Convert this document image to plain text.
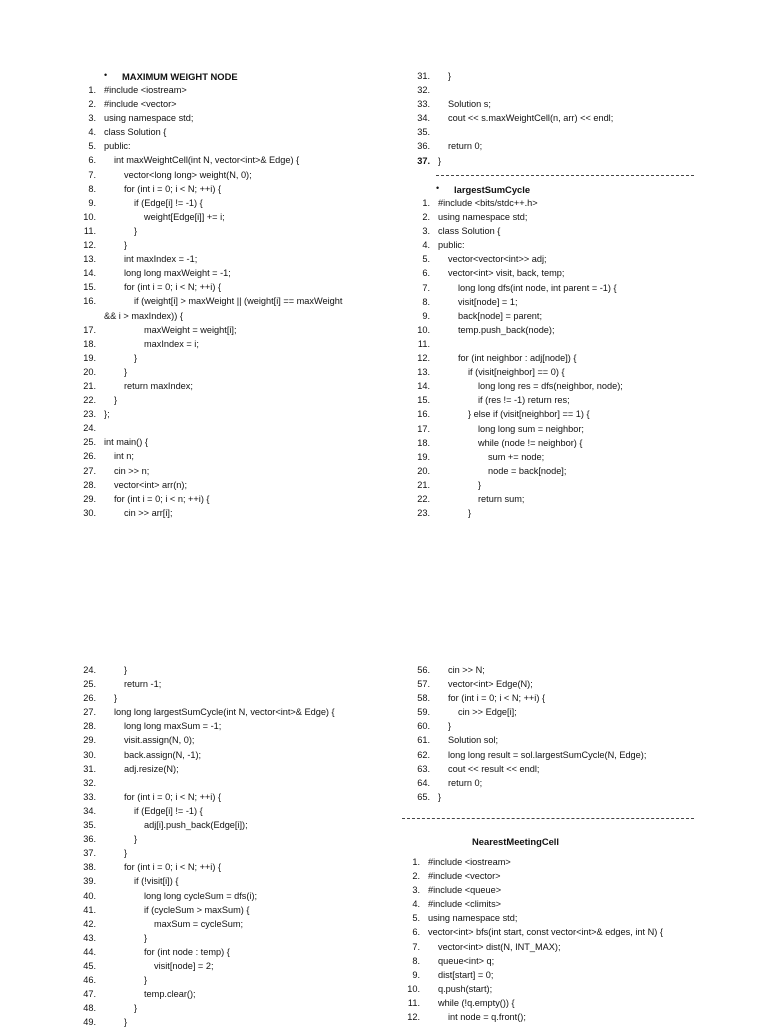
• MAXIMUM WEIGHT NODE
1. #include <iostream>
2. #include <vector>
3. using namespace std;
4. class Solution {
5. public:
6. int maxWeightCell(int N, vector<int>& Edge) {
7.	vector<long long> weight(N, 0);
8.	for (int i = 0; i < N; ++i) {
9.	if (Edge[i] != -1) {
10.	weight[Edge[i]] += i;
11.	}
12.	}
13.	int maxIndex = -1;
14.	long long maxWeight = -1;
15.	for (int i = 0; i < N; ++i) {
16.	if (weight[i] > maxWeight || (weight[i] == maxWeight
&& i > maxIndex)) {
17.	maxWeight = weight[i];
18.	maxIndex = i;
19.	}
20.	}
21.	return maxIndex;
22. }
23. };
24.
25. int main() {
26. int n;
27. cin >> n;
28. vector<int> arr(n);
29. for (int i = 0; i < n; ++i) {
30.	cin >> arr[i];
31. }
32.
33. Solution s;
34. cout << s.maxWeightCell(n, arr) << endl;
35.
36. return 0;
37. }
• largestSumCycle
1. #include <bits/stdc++.h>
2. using namespace std;
3. class Solution {
4. public:
5. vector<vector<int>> adj;
6. vector<int> visit, back, temp;
7.	long long dfs(int node, int parent = -1) {
8.	visit[node] = 1;
9.	back[node] = parent;
10.	temp.push_back(node);
11.
12.	for (int neighbor : adj[node]) {
13.	if (visit[neighbor] == 0) {
14.	long long res = dfs(neighbor, node);
15.	if (res != -1) return res;
16.	} else if (visit[neighbor] == 1) {
17.	long long sum = neighbor;
18.	while (node != neighbor) {
19.	sum += node;
20.	node = back[node];
21.	}
22.	return sum;
23.	}
24.	}
25.	return -1;
26. }
27. long long largestSumCycle(int N, vector<int>& Edge) {
28.	long long maxSum = -1;
29.	visit.assign(N, 0);
30.	back.assign(N, -1);
31.	adj.resize(N);
32.
33.	for (int i = 0; i < N; ++i) {
34.	if (Edge[i] != -1) {
35.	adj[i].push_back(Edge[i]);
36.	}
37.	}
38.	for (int i = 0; i < N; ++i) {
39.	if (!visit[i]) {
40.	long long cycleSum = dfs(i);
41.	if (cycleSum > maxSum) {
42.	maxSum = cycleSum;
43.	}
44.	for (int node : temp) {
45.	visit[node] = 2;
46.	}
47.	temp.clear();
48.	}
49.	}
56. cin >> N;
57. vector<int> Edge(N);
58. for (int i = 0; i < N; ++i) {
59.	cin >> Edge[i];
60. }
61. Solution sol;
62. long long result = sol.largestSumCycle(N, Edge);
63. cout << result << endl;
64. return 0;
65. }
NearestMeetingCell
1. #include <iostream>
2. #include <vector>
3. #include <queue>
4. #include <climits>
5. using namespace std;
6. vector<int> bfs(int start, const vector<int>& edges, int N) {
7. vector<int> dist(N, INT_MAX);
8. queue<int> q;
9. dist[start] = 0;
10. q.push(start);
11. while (!q.empty()) {
12.	int node = q.front();
